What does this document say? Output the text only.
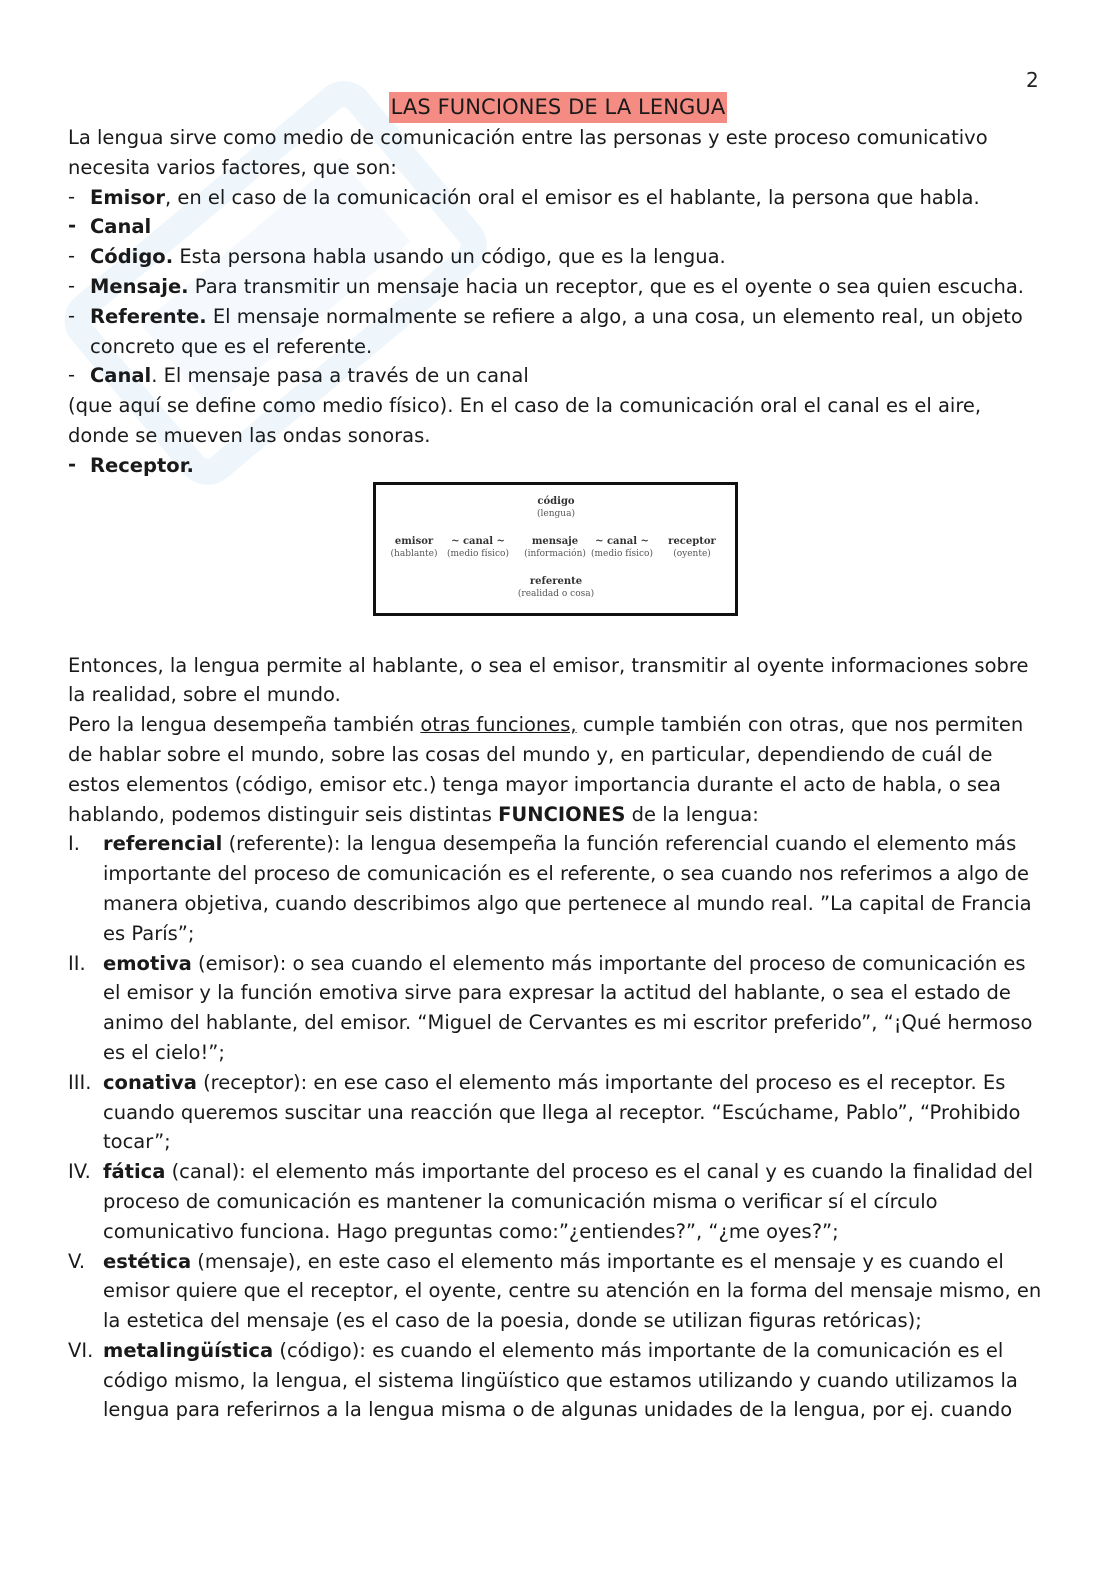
2
LAS FUNCIONES DE LA LENGUA

La lengua sirve como medio de comunicación entre las personas y este proceso comunicativo necesita varios factores, que son:

- Emisor, en el caso de la comunicación oral el emisor es el hablante, la persona que habla.
- Canal
- Código. Esta persona habla usando un código, que es la lengua.
- Mensaje. Para transmitir un mensaje hacia un receptor, que es el oyente o sea quien escucha.
- Referente. El mensaje normalmente se refiere a algo, a una cosa, un elemento real, un objeto concreto que es el referente.
- Canal. El mensaje pasa a través de un canal

(que aquí se define como medio físico). En el caso de la comunicación oral el canal es el aire, donde se mueven las ondas sonoras.

- Receptor.
código
(lengua)
emisor
(hablante)
~ canal ~
(medio físico)
mensaje
(información)
~ canal ~
(medio físico)
receptor
(oyente)
referente
(realidad o cosa)

Entonces, la lengua permite al hablante, o sea el emisor, transmitir al oyente informaciones sobre la realidad, sobre el mundo.

Pero la lengua desempeña también otras funciones, cumple también con otras, que nos permiten de hablar sobre el mundo, sobre las cosas del mundo y, en particular, dependiendo de cuál de estos elementos (código, emisor etc.) tenga mayor importancia durante el acto de habla, o sea hablando, podemos distinguir seis distintas FUNCIONES de la lengua:

I. referencial (referente): la lengua desempeña la función referencial cuando el elemento más importante del proceso de comunicación es el referente, o sea cuando nos referimos a algo de manera objetiva, cuando describimos algo que pertenece al mundo real. ”La capital de Francia es París”;
II. emotiva (emisor): o sea cuando el elemento más importante del proceso de comunicación es el emisor y la función emotiva sirve para expresar la actitud del hablante, o sea el estado de animo del hablante, del emisor. “Miguel de Cervantes es mi escritor preferido”, “¡Qué hermoso es el cielo!”;
III. conativa (receptor): en ese caso el elemento más importante del proceso es el receptor. Es cuando queremos suscitar una reacción que llega al receptor. “Escúchame, Pablo”, “Prohibido tocar”;
IV. fática (canal): el elemento más importante del proceso es el canal y es cuando la finalidad del proceso de comunicación es mantener la comunicación misma o verificar sí el círculo comunicativo funciona. Hago preguntas como:”¿entiendes?”, “¿me oyes?”;
V. estética (mensaje), en este caso el elemento más importante es el mensaje y es cuando el emisor quiere que el receptor, el oyente, centre su atención en la forma del mensaje mismo, en la estetica del mensaje (es el caso de la poesia, donde se utilizan figuras retóricas);
VI. metalingüística (código): es cuando el elemento más importante de la comunicación es el código mismo, la lengua, el sistema lingüístico que estamos utilizando y cuando utilizamos la lengua para referirnos a la lengua misma o de algunas unidades de la lengua, por ej. cuando
